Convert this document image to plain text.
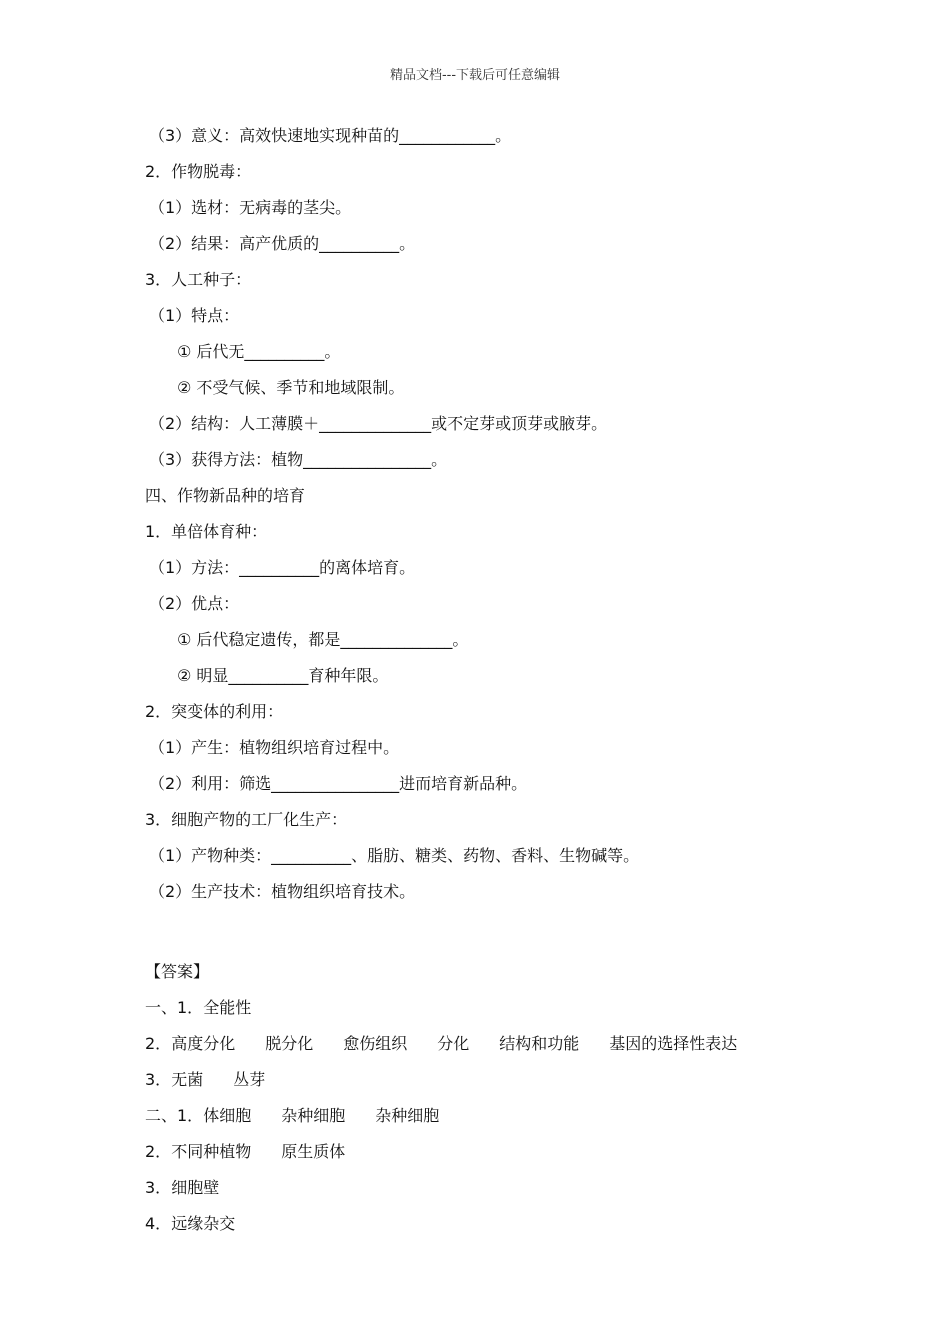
精品文档---下载后可任意编辑
（3）意义：高效快速地实现种苗的____________。
2．作物脱毒：
（1）选材：无病毒的茎尖。
（2）结果：高产优质的__________。
3．人工种子：
（1）特点：
① 后代无__________。
② 不受气候、季节和地域限制。
（2）结构：人工薄膜＋______________或不定芽或顶芽或腋芽。
（3）获得方法：植物________________。
四、作物新品种的培育
1．单倍体育种：
（1）方法：__________的离体培育。
（2）优点：
① 后代稳定遗传，都是______________。
② 明显__________育种年限。
2．突变体的利用：
（1）产生：植物组织培育过程中。
（2）利用：筛选________________进而培育新品种。
3．细胞产物的工厂化生产：
（1）产物种类：__________、脂肪、糖类、药物、香料、生物碱等。
（2）生产技术：植物组织培育技术。
【答案】
一、1．全能性
2．高度分化 脱分化 愈伤组织 分化 结构和功能 基因的选择性表达
3．无菌 丛芽
二、1．体细胞 杂种细胞 杂种细胞
2．不同种植物 原生质体
3．细胞壁
4．远缘杂交
